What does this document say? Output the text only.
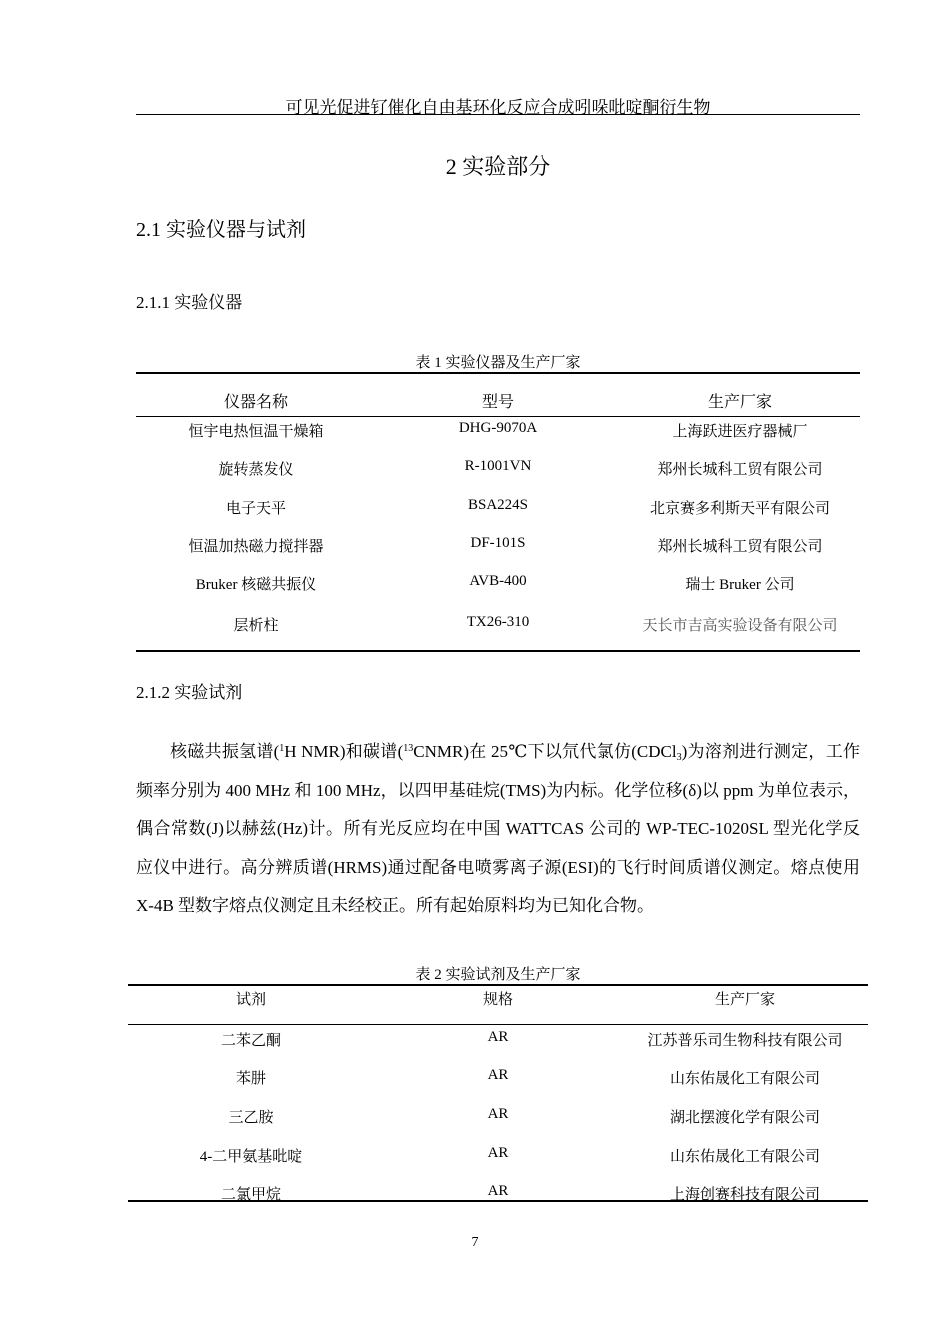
可见光促进钌催化自由基环化反应合成吲哚吡啶酮衍生物
2 实验部分
2.1 实验仪器与试剂
2.1.1 实验仪器
表 1 实验仪器及生产厂家
仪器名称	型号	生产厂家
恒宇电热恒温干燥箱	DHG-9070A	上海跃进医疗器械厂
旋转蒸发仪	R-1001VN	郑州长城科工贸有限公司
电子天平	BSA224S	北京赛多利斯天平有限公司
恒温加热磁力搅拌器	DF-101S	郑州长城科工贸有限公司
Bruker 核磁共振仪	AVB-400	瑞士 Bruker 公司
层析柱	TX26-310	天长市吉高实验设备有限公司
2.1.2 实验试剂

核磁共振氢谱($^1$H NMR)和碳谱($^{13}$CNMR)在 25℃下以氘代氯仿(CDCl$_3$)为溶剂进行测定，工作频率分别为 400 MHz 和 100 MHz，以四甲基硅烷(TMS)为内标。化学位移(δ)以 ppm 为单位表示，偶合常数(J)以赫兹(Hz)计。所有光反应均在中国 WATTCAS 公司的 WP-TEC-1020SL 型光化学反应仪中进行。高分辨质谱(HRMS)通过配备电喷雾离子源(ESI)的飞行时间质谱仪测定。熔点使用 X-4B 型数字熔点仪测定且未经校正。所有起始原料均为已知化合物。

表 2 实验试剂及生产厂家
试剂	规格	生产厂家
二苯乙酮	AR	江苏普乐司生物科技有限公司
苯肼	AR	山东佑晟化工有限公司
三乙胺	AR	湖北摆渡化学有限公司
4-二甲氨基吡啶	AR	山东佑晟化工有限公司
二氯甲烷	AR	上海创赛科技有限公司
7
